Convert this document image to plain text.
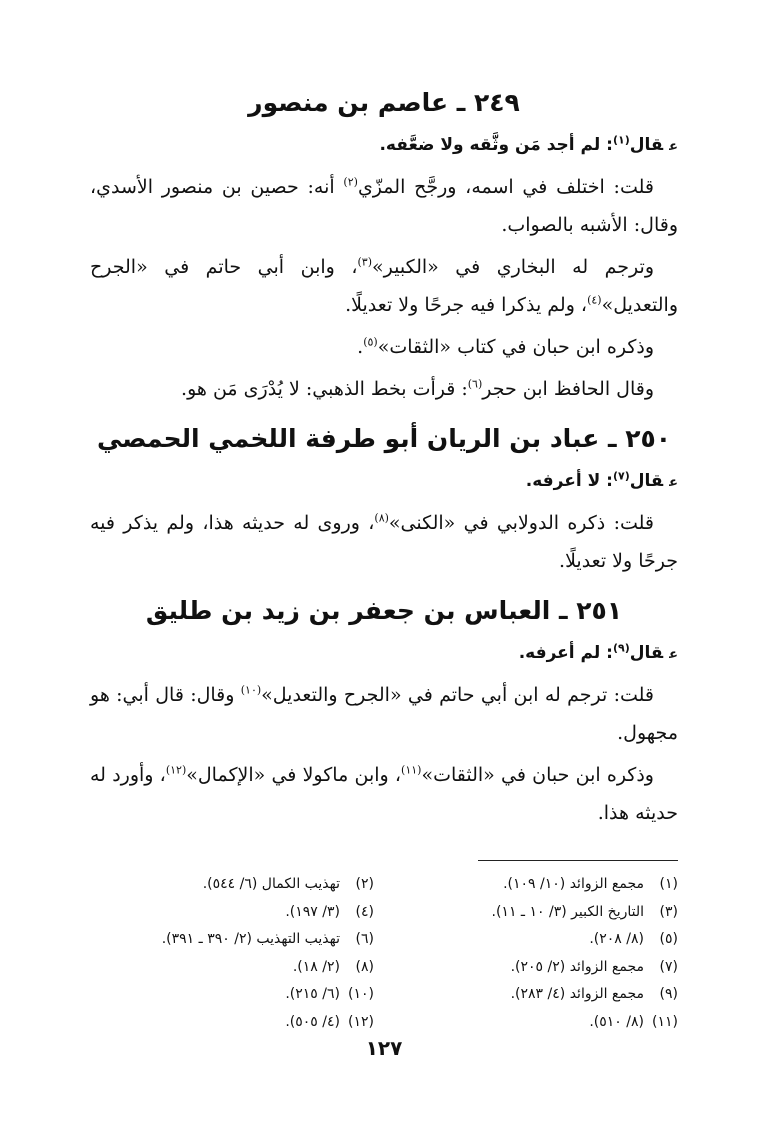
٢٤٩ ـ عاصم بن منصور

عقال$^{(١)}$: لم أجد مَن وثَّقه ولا ضعَّفه.

قلت: اختلف في اسمه، ورجَّح المزّي$^{(٢)}$ أنه: حصين بن منصور الأسدي، وقال: الأشبه بالصواب.

وترجم له البخاري في «الكبير»$^{(٣)}$، وابن أبي حاتم في «الجرح والتعديل»$^{(٤)}$، ولم يذكرا فيه جرحًا ولا تعديلًا.

وذكره ابن حبان في كتاب «الثقات»$^{(٥)}$.

وقال الحافظ ابن حجر$^{(٦)}$: قرأت بخط الذهبي: لا يُدْرَى مَن هو.

٢٥٠ ـ عباد بن الريان أبو طرفة اللخمي الحمصي

عقال$^{(٧)}$: لا أعرفه.

قلت: ذكره الدولابي في «الكنى»$^{(٨)}$، وروى له حديثه هذا، ولم يذكر فيه جرحًا ولا تعديلًا.

٢٥١ ـ العباس بن جعفر بن زيد بن طليق

عقال$^{(٩)}$: لم أعرفه.

قلت: ترجم له ابن أبي حاتم في «الجرح والتعديل»$^{(١٠)}$ وقال: قال أبي: هو مجهول.

وذكره ابن حبان في «الثقات»$^{(١١)}$، وابن ماكولا في «الإكمال»$^{(١٢)}$، وأورد له حديثه هذا.

(١)مجمع الزوائد (١٠/ ١٠٩).
(٢)تهذيب الكمال (٦/ ٥٤٤).
(٣)التاريخ الكبير (٣/ ١٠ ـ ١١).
(٤)(٣/ ١٩٧).
(٥)(٨/ ٢٠٨).
(٦)تهذيب التهذيب (٢/ ٣٩٠ ـ ٣٩١).
(٧)مجمع الزوائد (٢/ ٢٠٥).
(٨)(٢/ ١٨).
(٩)مجمع الزوائد (٤/ ٢٨٣).
(١٠)(٦/ ٢١٥).
(١١)(٨/ ٥١٠).
(١٢)(٤/ ٥٠٥).
١٢٧
